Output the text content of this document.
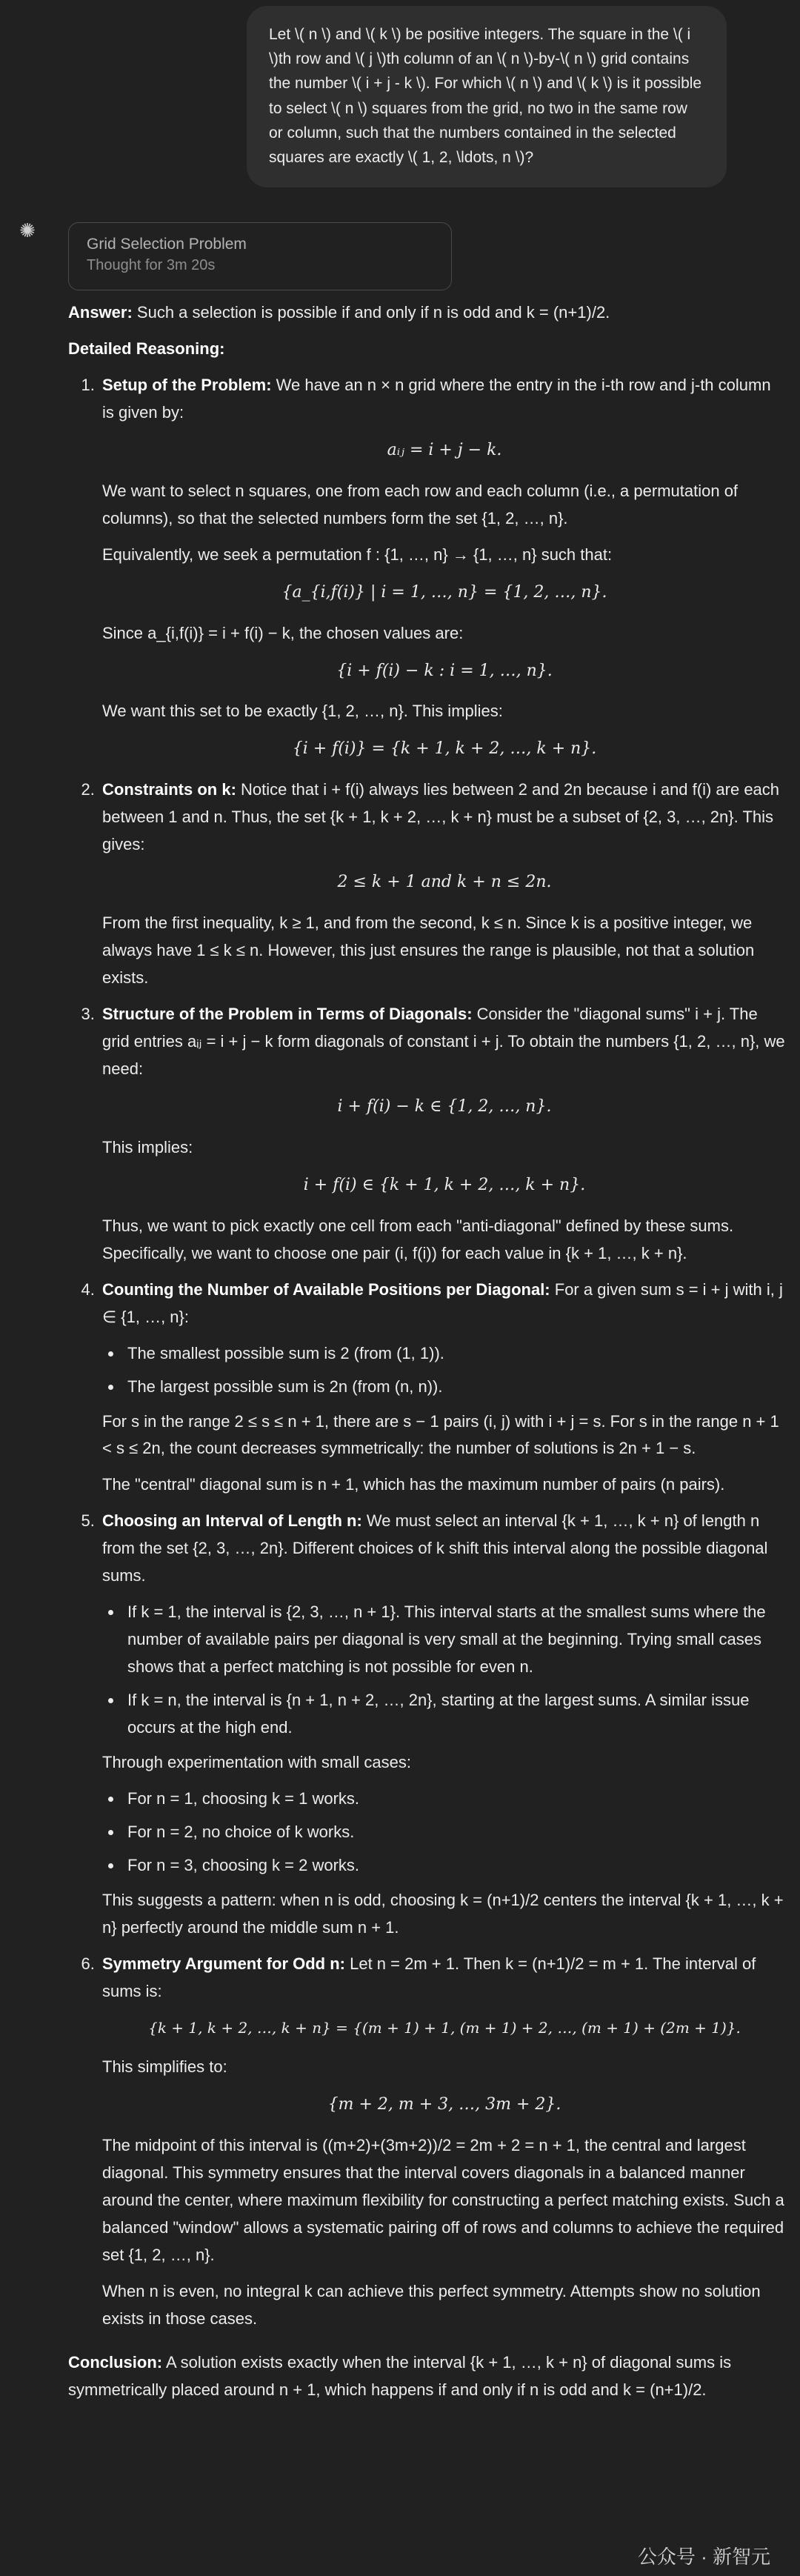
Let \( n \) and \( k \) be positive integers. The square in the \( i \)th row and \( j \)th column of an \( n \)-by-\( n \) grid contains the number \( i + j - k \). For which \( n \) and \( k \) is it possible to select \( n \) squares from the grid, no two in the same row or column, such that the numbers contained in the selected squares are exactly \( 1, 2, \ldots, n \)?
✺
Grid Selection Problem
Thought for 3m 20s

Answer: Such a selection is possible if and only if n is odd and k = (n+1)/2.

Detailed Reasoning:

1. Setup of the Problem: We have an n × n grid where the entry in the i-th row and j-th column is given by:

aᵢⱼ = i + j − k.

We want to select n squares, one from each row and each column (i.e., a permutation of columns), so that the selected numbers form the set {1, 2, …, n}.

Equivalently, we seek a permutation f : {1, …, n} → {1, …, n} such that:

{a_{i,f(i)} | i = 1, …, n} = {1, 2, …, n}.

Since a_{i,f(i)} = i + f(i) − k, the chosen values are:

{i + f(i) − k : i = 1, …, n}.

We want this set to be exactly {1, 2, …, n}. This implies:

{i + f(i)} = {k + 1, k + 2, …, k + n}.

2. Constraints on k: Notice that i + f(i) always lies between 2 and 2n because i and f(i) are each between 1 and n. Thus, the set {k + 1, k + 2, …, k + n} must be a subset of {2, 3, …, 2n}. This gives:

2 ≤ k + 1 and k + n ≤ 2n.

From the first inequality, k ≥ 1, and from the second, k ≤ n. Since k is a positive integer, we always have 1 ≤ k ≤ n. However, this just ensures the range is plausible, not that a solution exists.

3. Structure of the Problem in Terms of Diagonals: Consider the "diagonal sums" i + j. The grid entries aᵢⱼ = i + j − k form diagonals of constant i + j. To obtain the numbers {1, 2, …, n}, we need:

i + f(i) − k ∈ {1, 2, …, n}.

This implies:

i + f(i) ∈ {k + 1, k + 2, …, k + n}.

Thus, we want to pick exactly one cell from each "anti-diagonal" defined by these sums. Specifically, we want to choose one pair (i, f(i)) for each value in {k + 1, …, k + n}.

4. Counting the Number of Available Positions per Diagonal: For a given sum s = i + j with i, j ∈ {1, …, n}:

• The smallest possible sum is 2 (from (1, 1)).
• The largest possible sum is 2n (from (n, n)).

For s in the range 2 ≤ s ≤ n + 1, there are s − 1 pairs (i, j) with i + j = s. For s in the range n + 1 < s ≤ 2n, the count decreases symmetrically: the number of solutions is 2n + 1 − s.

The "central" diagonal sum is n + 1, which has the maximum number of pairs (n pairs).

5. Choosing an Interval of Length n: We must select an interval {k + 1, …, k + n} of length n from the set {2, 3, …, 2n}. Different choices of k shift this interval along the possible diagonal sums.

• If k = 1, the interval is {2, 3, …, n + 1}. This interval starts at the smallest sums where the number of available pairs per diagonal is very small at the beginning. Trying small cases shows that a perfect matching is not possible for even n.
• If k = n, the interval is {n + 1, n + 2, …, 2n}, starting at the largest sums. A similar issue occurs at the high end.

Through experimentation with small cases:

• For n = 1, choosing k = 1 works.
• For n = 2, no choice of k works.
• For n = 3, choosing k = 2 works.

This suggests a pattern: when n is odd, choosing k = (n+1)/2 centers the interval {k + 1, …, k + n} perfectly around the middle sum n + 1.

6. Symmetry Argument for Odd n: Let n = 2m + 1. Then k = (n+1)/2 = m + 1. The interval of sums is:

{k + 1, k + 2, …, k + n} = {(m + 1) + 1, (m + 1) + 2, …, (m + 1) + (2m + 1)}.

This simplifies to:

{m + 2, m + 3, …, 3m + 2}.

The midpoint of this interval is ((m+2)+(3m+2))/2 = 2m + 2 = n + 1, the central and largest diagonal. This symmetry ensures that the interval covers diagonals in a balanced manner around the center, where maximum flexibility for constructing a perfect matching exists. Such a balanced "window" allows a systematic pairing off of rows and columns to achieve the required set {1, 2, …, n}.

When n is even, no integral k can achieve this perfect symmetry. Attempts show no solution exists in those cases.

Conclusion: A solution exists exactly when the interval {k + 1, …, k + n} of diagonal sums is symmetrically placed around n + 1, which happens if and only if n is odd and k = (n+1)/2.

公众号 · 新智元
